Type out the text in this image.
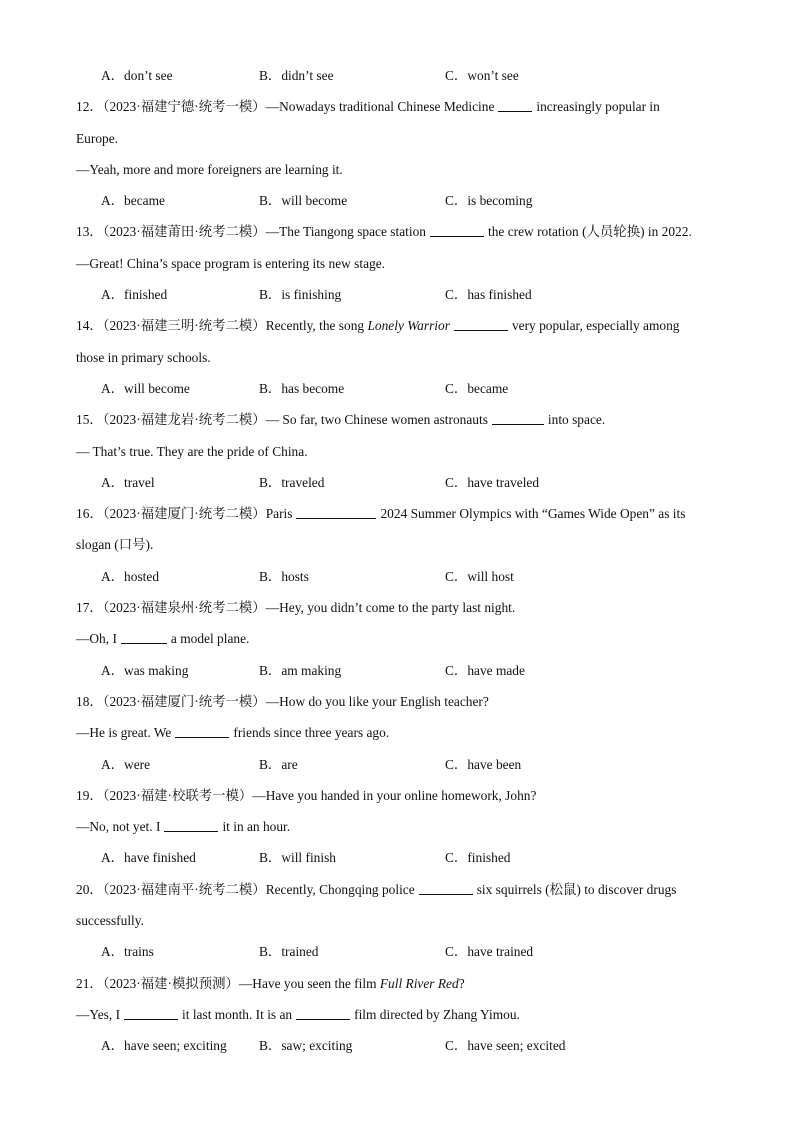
A．don’t see	B．didn’t see	C．won’t see
12．（2023·福建宁德·统考一模）—Nowadays traditional Chinese Medicine	increasingly popular in
Europe.
—Yeah, more and more foreigners are learning it.
A．became	B．will become	C．is becoming
13．（2023·福建莆田·统考二模）—The Tiangong space station	the crew rotation (人员轮换) in 2022.
—Great! China’s space program is entering its new stage.
A．finished	B．is finishing	C．has finished
14．（2023·福建三明·统考二模）Recently, the song Lonely Warrior	very popular, especially among
those in primary schools.
A．will become	B．has become	C．became
15．（2023·福建龙岩·统考二模）— So far, two Chinese women astronauts	into space.
— That’s true. They are the pride of China.
A．travel	B．traveled	C．have traveled
16．（2023·福建厦门·统考二模）Paris	2024 Summer Olympics with “Games Wide Open” as its
slogan (口号).
A．hosted	B．hosts	C．will host
17．（2023·福建泉州·统考二模）—Hey, you didn’t come to the party last night.
—Oh, I	a model plane.
A．was making	B．am making	C．have made
18．（2023·福建厦门·统考一模）—How do you like your English teacher?
—He is great. We	friends since three years ago.
A．were	B．are	C．have been
19．（2023·福建·校联考一模）—Have you handed in your online homework, John?
—No, not yet. I	it in an hour.
A．have finished	B．will finish	C．finished
20．（2023·福建南平·统考二模）Recently, Chongqing police	six squirrels (松鼠) to discover drugs
successfully.
A．trains	B．trained	C．have trained
21．（2023·福建·模拟预测）—Have you seen the film Full River Red?
—Yes, I	it last month. It is an	film directed by Zhang Yimou.
A．have seen; exciting B．saw; exciting	C．have seen; excited
